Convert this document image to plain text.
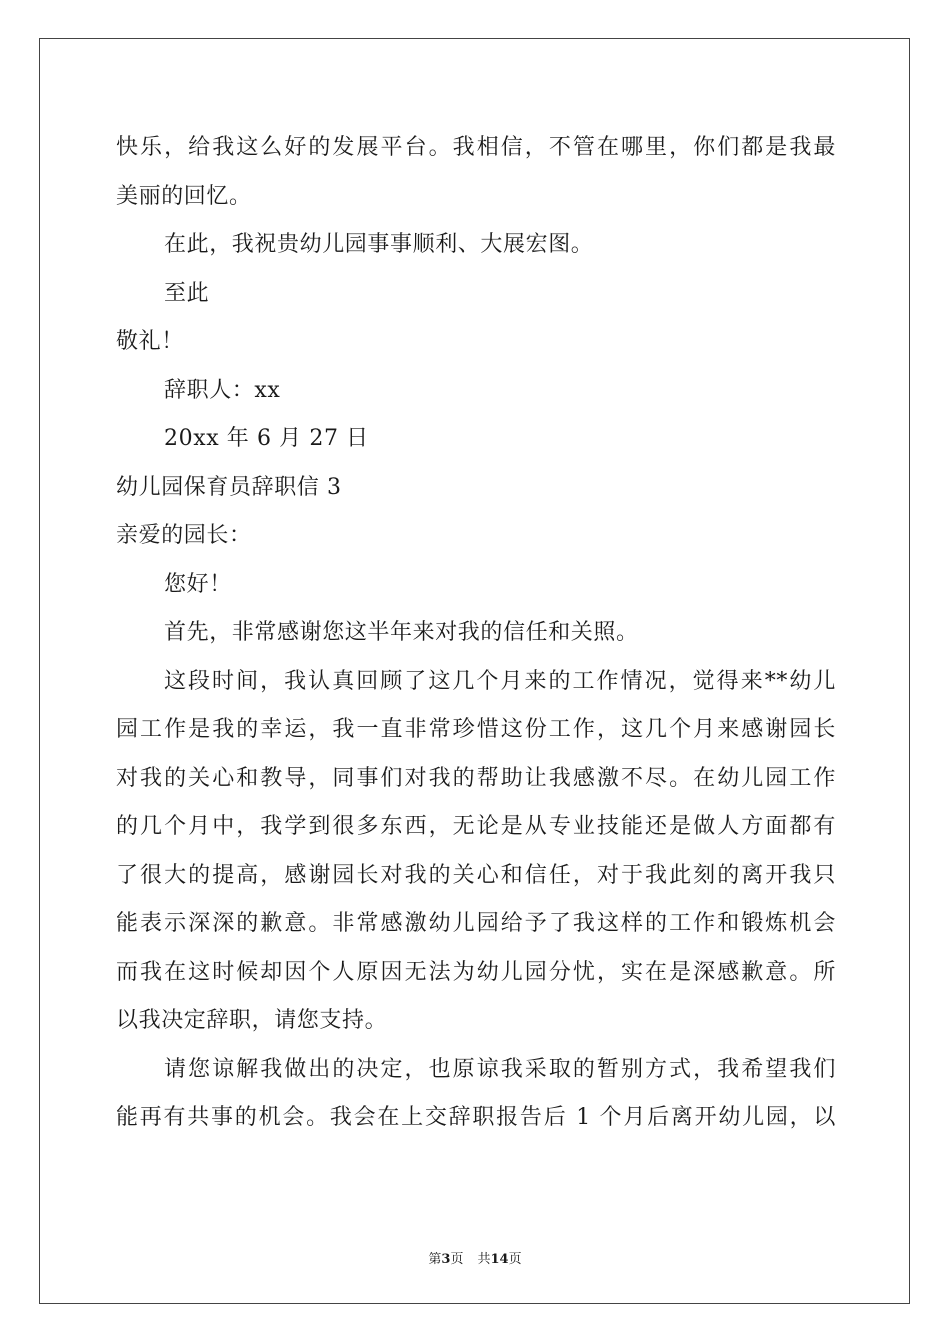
快乐，给我这么好的发展平台。我相信，不管在哪里，你们都是我最
美丽的回忆。
在此，我祝贵幼儿园事事顺利、大展宏图。
至此
敬礼！
辞职人：xx
20xx 年 6 月 27 日
幼儿园保育员辞职信 3
亲爱的园长：
您好！
首先，非常感谢您这半年来对我的信任和关照。
这段时间，我认真回顾了这几个月来的工作情况，觉得来**幼儿
园工作是我的幸运，我一直非常珍惜这份工作，这几个月来感谢园长
对我的关心和教导，同事们对我的帮助让我感激不尽。在幼儿园工作
的几个月中，我学到很多东西，无论是从专业技能还是做人方面都有
了很大的提高，感谢园长对我的关心和信任，对于我此刻的离开我只
能表示深深的歉意。非常感激幼儿园给予了我这样的工作和锻炼机会
而我在这时候却因个人原因无法为幼儿园分忧，实在是深感歉意。所
以我决定辞职，请您支持。
请您谅解我做出的决定，也原谅我采取的暂别方式，我希望我们
能再有共事的机会。我会在上交辞职报告后 1 个月后离开幼儿园，以
第3页 共14页
